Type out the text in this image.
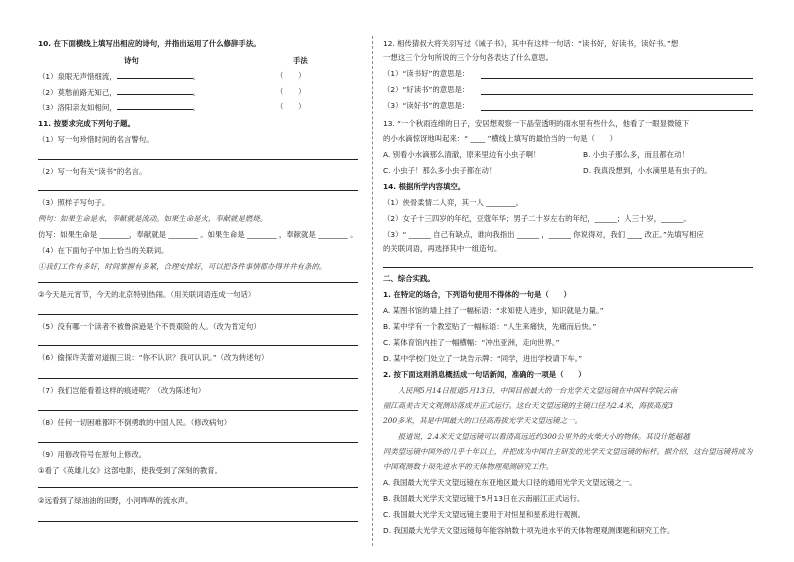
10. 在下面横线上填写出相应的诗句，并指出运用了什么修辞手法。
诗句	手法
（1）泉眼无声惜细流，	。	（　　）
（2）莫愁前路无知己，	。	（　　）
（3）洛阳亲友如相问，	。	（　　）
11. 按要求完成下列句子题。
（1）写一句珍惜时间的名言警句。
（2）写一句有关“读书”的名言。
（3）照样子写句子。
例句：如果生命是水，奉献就是流动。如果生命是火，奉献就是燃烧。
仿写：如果生命是 ________，奉献就是 ________ 。如果生命是 ________ ，奉献就是 ________ 。
（4）在下面句子中加上恰当的关联词。
①我们工作有多好，时间掌握有多紧，合理安排好，可以把各件事情都办得井井有条的。
②今天是元宵节，今天的北京特别热闹。（用关联词语连成一句话）
（5）没有哪一个读者不被鲁滨逊是个不畏艰险的人。（改为肯定句）
（6）偷探许芙蕾对道振三说：“你不认识？我可认识。”（改为转述句）
（7）我们岂能看着这样的痕迹呢？（改为陈述句）
（8）任何一切困难都吓不倒勇敢的中国人民。（修改病句）
（9）用修改符号在原句上修改。
①看了《英雄儿女》这部电影，使我受到了深刻的教育。
②远看到了绿油油的田野，小河哗哗的流水声。
12. 相传猜叔大将关羽写过《诫子书》，其中有这样一句话：“读书好，好读书，读好书。”想
一想这三个分句所说的三个分句各表达了什么意思。
（1）“读书好”的意思是：
（2）“好读书”的意思是：
（3）“读好书”的意思是：
13. “一个秋雨连绵的日子，安居想观察一下晶莹透明的雨水里有些什么，他看了一眼显微镜下
的小水滴惊讶地叫起来：“ ____ ”横线上填写的最恰当的一句是（　　）
A. 别看小水滴那么清澈，原来里边有小虫子啊！	B. 小虫子那么多，而且都在动！
C. 小虫子！那么多小虫子都在动！	D. 我真没想到，小水滴里是有虫子的。
14. 根据所学内容填空。
（1）侠骨柔情二人弈，其一人 ________。
（2）女子十三四岁的年纪，豆蔻年华；男子二十岁左右的年纪，______；人三十岁，______。
（3）“ ______ 自己有缺点，谁向我指出 ______ ，______ 你说得对，我们 ____ 改正。”先填写相应
的关联词语，再选择其中一组造句。
二、综合实践。
1. 在特定的场合，下列语句使用不得体的一句是（　　）
A. 某图书馆的墙上挂了一幅标语：“求知使人进步，知识就是力量。”
B. 某中学有一个教室贴了一幅标语：“人生来痛快，先痛而后快。”
C. 某体育馆内挂了一幅横幅：“冲出亚洲，走向世界。”
D. 某中学校门处立了一块告示牌：“同学，进出学校请下车。”
2. 按下面这则消息概括成一句话新闻，准确的一项是（　　）
　　人民网5月14日报道5月13日，中国目前最大的一台光学天文望远镜在中国科学院云南
丽江高美古天文观测站落成并正式运行。这台天文望远镜的主镜口径为2.4米，海拔高度3
200多米，其是中国最大的口径高海拔光学天文望远镜之一。
　　报道说，2.4米天文望远镜可以看清高远近约300公里外的火柴大小的物体。其设计能超越
同类望远镜中国外的几乎十年以上，并把成为中国自主研发的光学天文望远镜的标杆。据介绍，这台望远镜将成为
中国观测数十项先进水平的天体物理观测研究工作。
A. 我国最大光学天文望远镜在东亚地区最大口径的通用光学天文望远镜之一。
B. 我国最大光学天文望远镜于5月13日在云南丽江正式运行。
C. 我国最大光学天文望远镜主要用于对恒星和星系进行观测。
D. 我国最大光学天文望远镜每年能容纳数十项先进水平的天体物理观测课题和研究工作。
